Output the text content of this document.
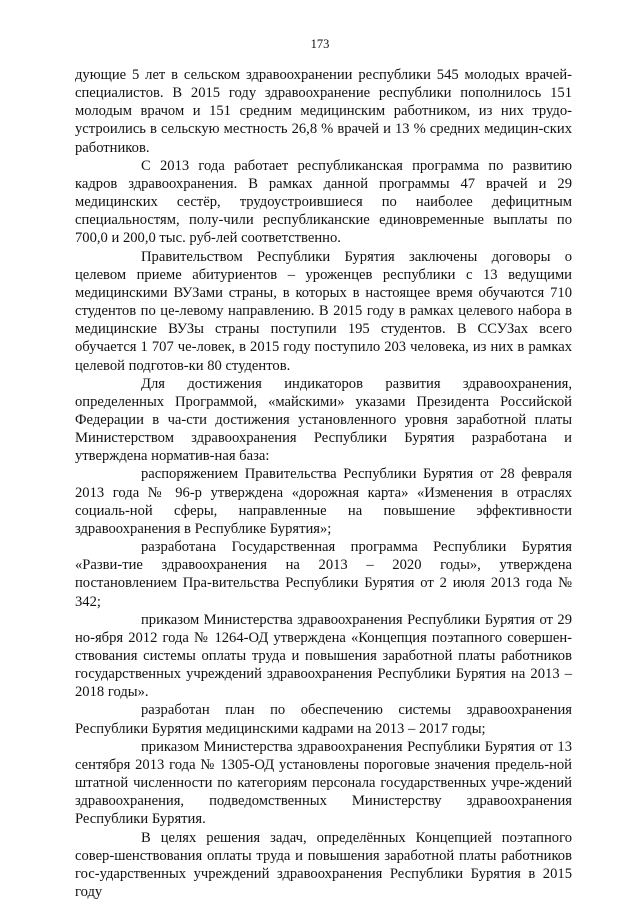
173

дующие 5 лет в сельском здравоохранении республики 545 молодых врачей-специалистов. В 2015 году здравоохранение республики пополнилось 151 молодым врачом и 151 средним медицинским работником, из них трудо-устроились в сельскую местность 26,8 % врачей и 13 % средних медицин-ских работников.

С 2013 года работает республиканская программа по развитию кадров здравоохранения. В рамках данной программы 47 врачей и 29 медицинских сестёр, трудоустроившиеся по наиболее дефицитным специальностям, полу-чили республиканские единовременные выплаты по 700,0 и 200,0 тыс. руб-лей соответственно.

Правительством Республики Бурятия заключены договоры о целевом приеме абитуриентов – уроженцев республики с 13 ведущими медицинскими ВУЗами страны, в которых в настоящее время обучаются 710 студентов по це-левому направлению. В 2015 году в рамках целевого набора в медицинские ВУЗы страны поступили 195 студентов. В ССУЗах всего обучается 1 707 че-ловек, в 2015 году поступило 203 человека, из них в рамках целевой подготов-ки 80 студентов.

Для достижения индикаторов развития здравоохранения, определенных Программой, «майскими» указами Президента Российской Федерации в ча-сти достижения установленного уровня заработной платы Министерством здравоохранения Республики Бурятия разработана и утверждена норматив-ная база:

распоряжением Правительства Республики Бурятия от 28 февраля 2013 года № 96-р утверждена «дорожная карта» «Изменения в отраслях социаль-ной сферы, направленные на повышение эффективности здравоохранения в Республике Бурятия»;

разработана Государственная программа Республики Бурятия «Разви-тие здравоохранения на 2013 – 2020 годы», утверждена постановлением Пра-вительства Республики Бурятия от 2 июля 2013 года № 342;

приказом Министерства здравоохранения Республики Бурятия от 29 но-ября 2012 года № 1264-ОД утверждена «Концепция поэтапного совершен-ствования системы оплаты труда и повышения заработной платы работников государственных учреждений здравоохранения Республики Бурятия на 2013 – 2018 годы».

разработан план по обеспечению системы здравоохранения Республики Бурятия медицинскими кадрами на 2013 – 2017 годы;

приказом Министерства здравоохранения Республики Бурятия от 13 сентября 2013 года № 1305-ОД установлены пороговые значения предель-ной штатной численности по категориям персонала государственных учре-ждений здравоохранения, подведомственных Министерству здравоохранения Республики Бурятия.

В целях решения задач, определённых Концепцией поэтапного совер-шенствования оплаты труда и повышения заработной платы работников гос-ударственных учреждений здравоохранения Республики Бурятия в 2015 году
